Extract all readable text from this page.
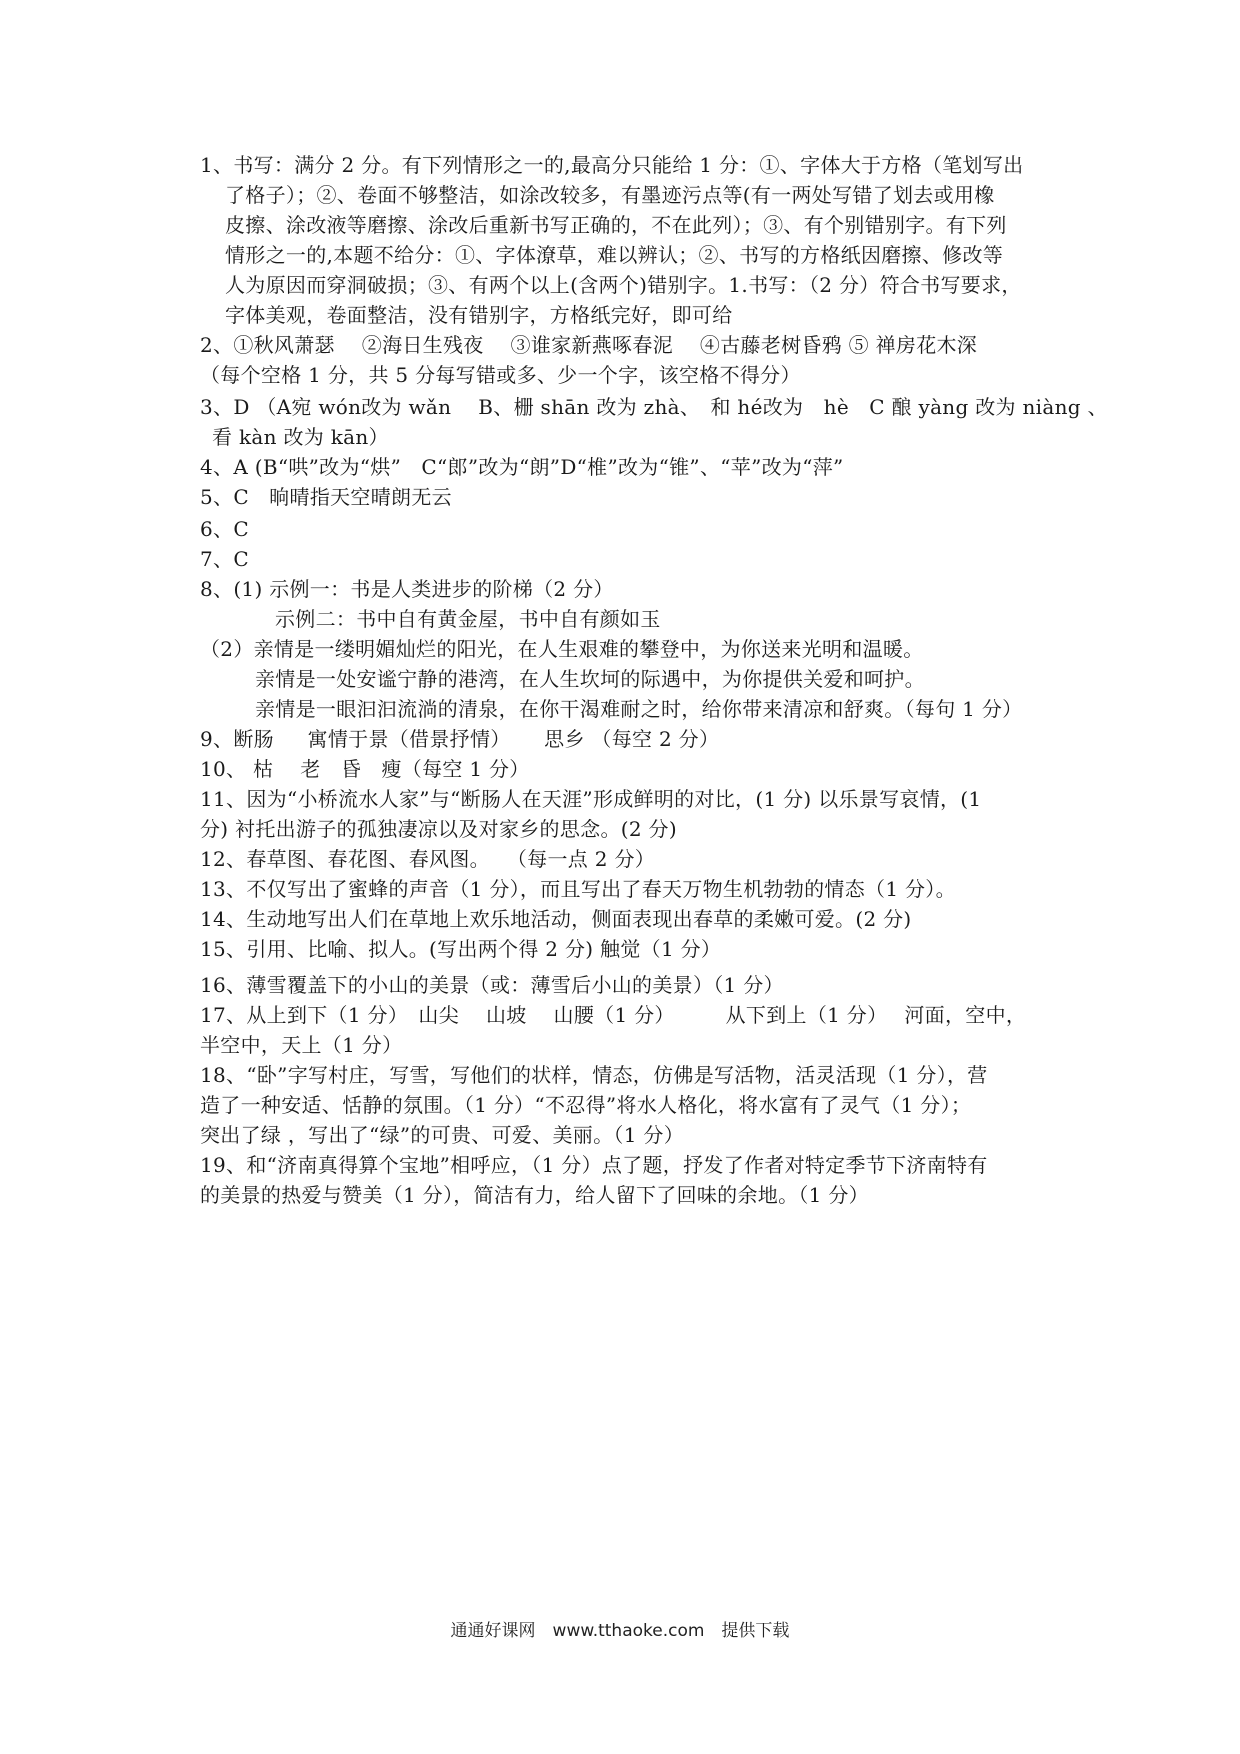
1、书写：满分 2 分。有下列情形之一的,最高分只能给 1 分：①、字体大于方格（笔划写出
了格子）；②、卷面不够整洁，如涂改较多，有墨迹污点等(有一两处写错了划去或用橡
皮擦、涂改液等磨擦、涂改后重新书写正确的，不在此列）；③、有个别错别字。有下列
情形之一的,本题不给分：①、字体潦草，难以辨认；②、书写的方格纸因磨擦、修改等
人为原因而穿洞破损；③、有两个以上(含两个)错别字。1.书写：（2 分）符合书写要求，
字体美观，卷面整洁，没有错别字，方格纸完好，即可给
2、①秋风萧瑟　 ②海日生残夜 　③谁家新燕啄春泥 　④古藤老树昏鸦 ⑤ 禅房花木深
（每个空格 1 分，共 5 分每写错或多、少一个字，该空格不得分）
3、D （A宛 wón改为 wǎn　 B、栅 shān 改为 zhà、　和 hé改为　hè　C 酿 yàng 改为 niàng 、
看 kàn 改为 kān）
4、A (B“哄”改为“烘”　C“郎”改为“朗”D“椎”改为“锥”、“苹”改为“萍”
5、C　晌晴指天空晴朗无云
6、C
7、C
8、(1) 示例一：书是人类进步的阶梯（2 分）
示例二：书中自有黄金屋，书中自有颜如玉
（2）亲情是一缕明媚灿烂的阳光，在人生艰难的攀登中，为你送来光明和温暖。
亲情是一处安谧宁静的港湾，在人生坎坷的际遇中，为你提供关爱和呵护。
亲情是一眼汩汩流淌的清泉，在你干渴难耐之时，给你带来清凉和舒爽。（每句 1 分）
9、断肠 　 寓情于景（借景抒情） 　 思乡 （每空 2 分）
10、 枯 　老　昏　瘦（每空 1 分）
11、因为“小桥流水人家”与“断肠人在天涯”形成鲜明的对比，(1 分) 以乐景写哀情，(1
分) 衬托出游子的孤独凄凉以及对家乡的思念。(2 分)
12、春草图、春花图、春风图。 　（每一点 2 分）
13、不仅写出了蜜蜂的声音（1 分），而且写出了春天万物生机勃勃的情态（1 分）。
14、生动地写出人们在草地上欢乐地活动，侧面表现出春草的柔嫩可爱。(2 分)
15、引用、比喻、拟人。(写出两个得 2 分) 触觉（1 分）
16、薄雪覆盖下的小山的美景（或：薄雪后小山的美景）（1 分）
17、从上到下（1 分）　山尖　 山坡　 山腰（1 分）　　　从下到上（1 分）　 河面，空中，
半空中，天上（1 分）
18、“卧”字写村庄，写雪，写他们的状样，情态，仿佛是写活物，活灵活现（1 分），营
造了一种安适、恬静的氛围。（1 分）“不忍得”将水人格化，将水富有了灵气（1 分）；
突出了绿 ，写出了“绿”的可贵、可爱、美丽。（1 分）
19、和“济南真得算个宝地”相呼应，（1 分）点了题，抒发了作者对特定季节下济南特有
的美景的热爱与赞美（1 分），简洁有力，给人留下了回味的余地。（1 分）
通通好课网　www.tthaoke.com　提供下载
